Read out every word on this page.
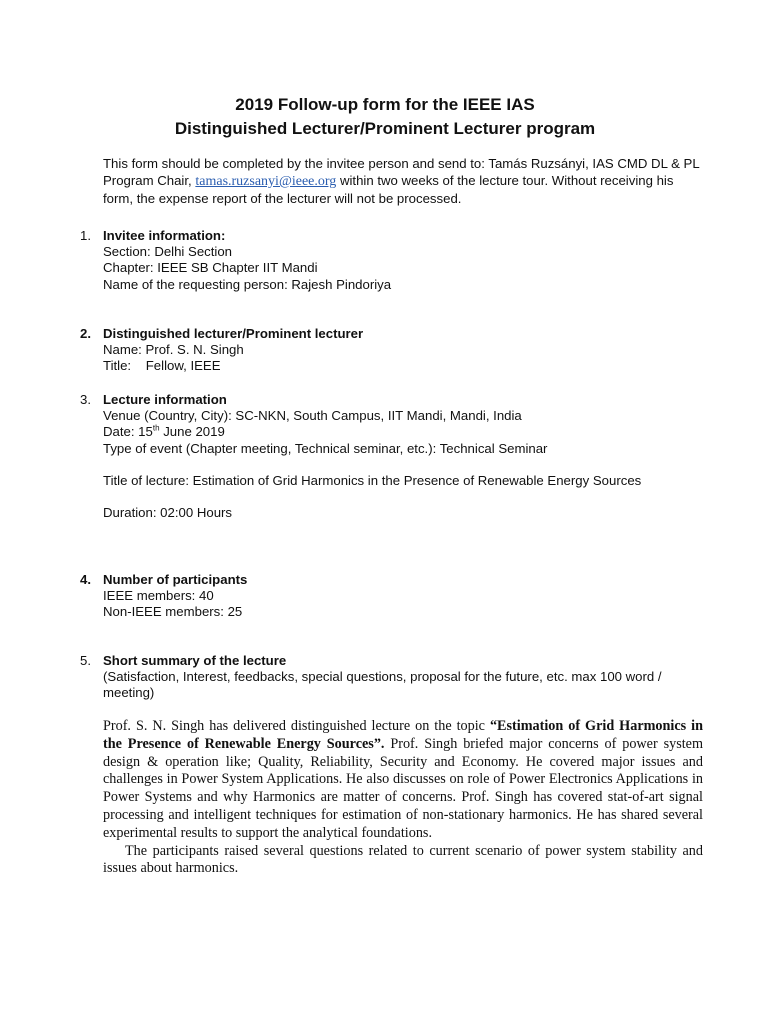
2019 Follow-up form for the IEEE IAS
Distinguished Lecturer/Prominent Lecturer program
This form should be completed by the invitee person and send to: Tamás Ruzsányi, IAS CMD DL & PL Program Chair, tamas.ruzsanyi@ieee.org within two weeks of the lecture tour. Without receiving his form, the expense report of the lecturer will not be processed.
1. Invitee information:
Section: Delhi Section
Chapter: IEEE SB Chapter IIT Mandi
Name of the requesting person: Rajesh Pindoriya
2. Distinguished lecturer/Prominent lecturer
Name: Prof. S. N. Singh
Title:    Fellow, IEEE
3. Lecture information
Venue (Country, City): SC-NKN, South Campus, IIT Mandi, Mandi, India
Date: 15th June 2019
Type of event (Chapter meeting, Technical seminar, etc.): Technical Seminar
Title of lecture: Estimation of Grid Harmonics in the Presence of Renewable Energy Sources
Duration: 02:00 Hours
4. Number of participants
IEEE members: 40
Non-IEEE members: 25
5. Short summary of the lecture
(Satisfaction, Interest, feedbacks, special questions, proposal for the future, etc. max 100 word / meeting)

Prof. S. N. Singh has delivered distinguished lecture on the topic “Estimation of Grid Harmonics in the Presence of Renewable Energy Sources”. Prof. Singh briefed major concerns of power system design & operation like; Quality, Reliability, Security and Economy. He covered major issues and challenges in Power System Applications. He also discusses on role of Power Electronics Applications in Power Systems and why Harmonics are matter of concerns. Prof. Singh has covered stat-of-art signal processing and intelligent techniques for estimation of non-stationary harmonics. He has shared several experimental results to support the analytical foundations.

The participants raised several questions related to current scenario of power system stability and issues about harmonics.
